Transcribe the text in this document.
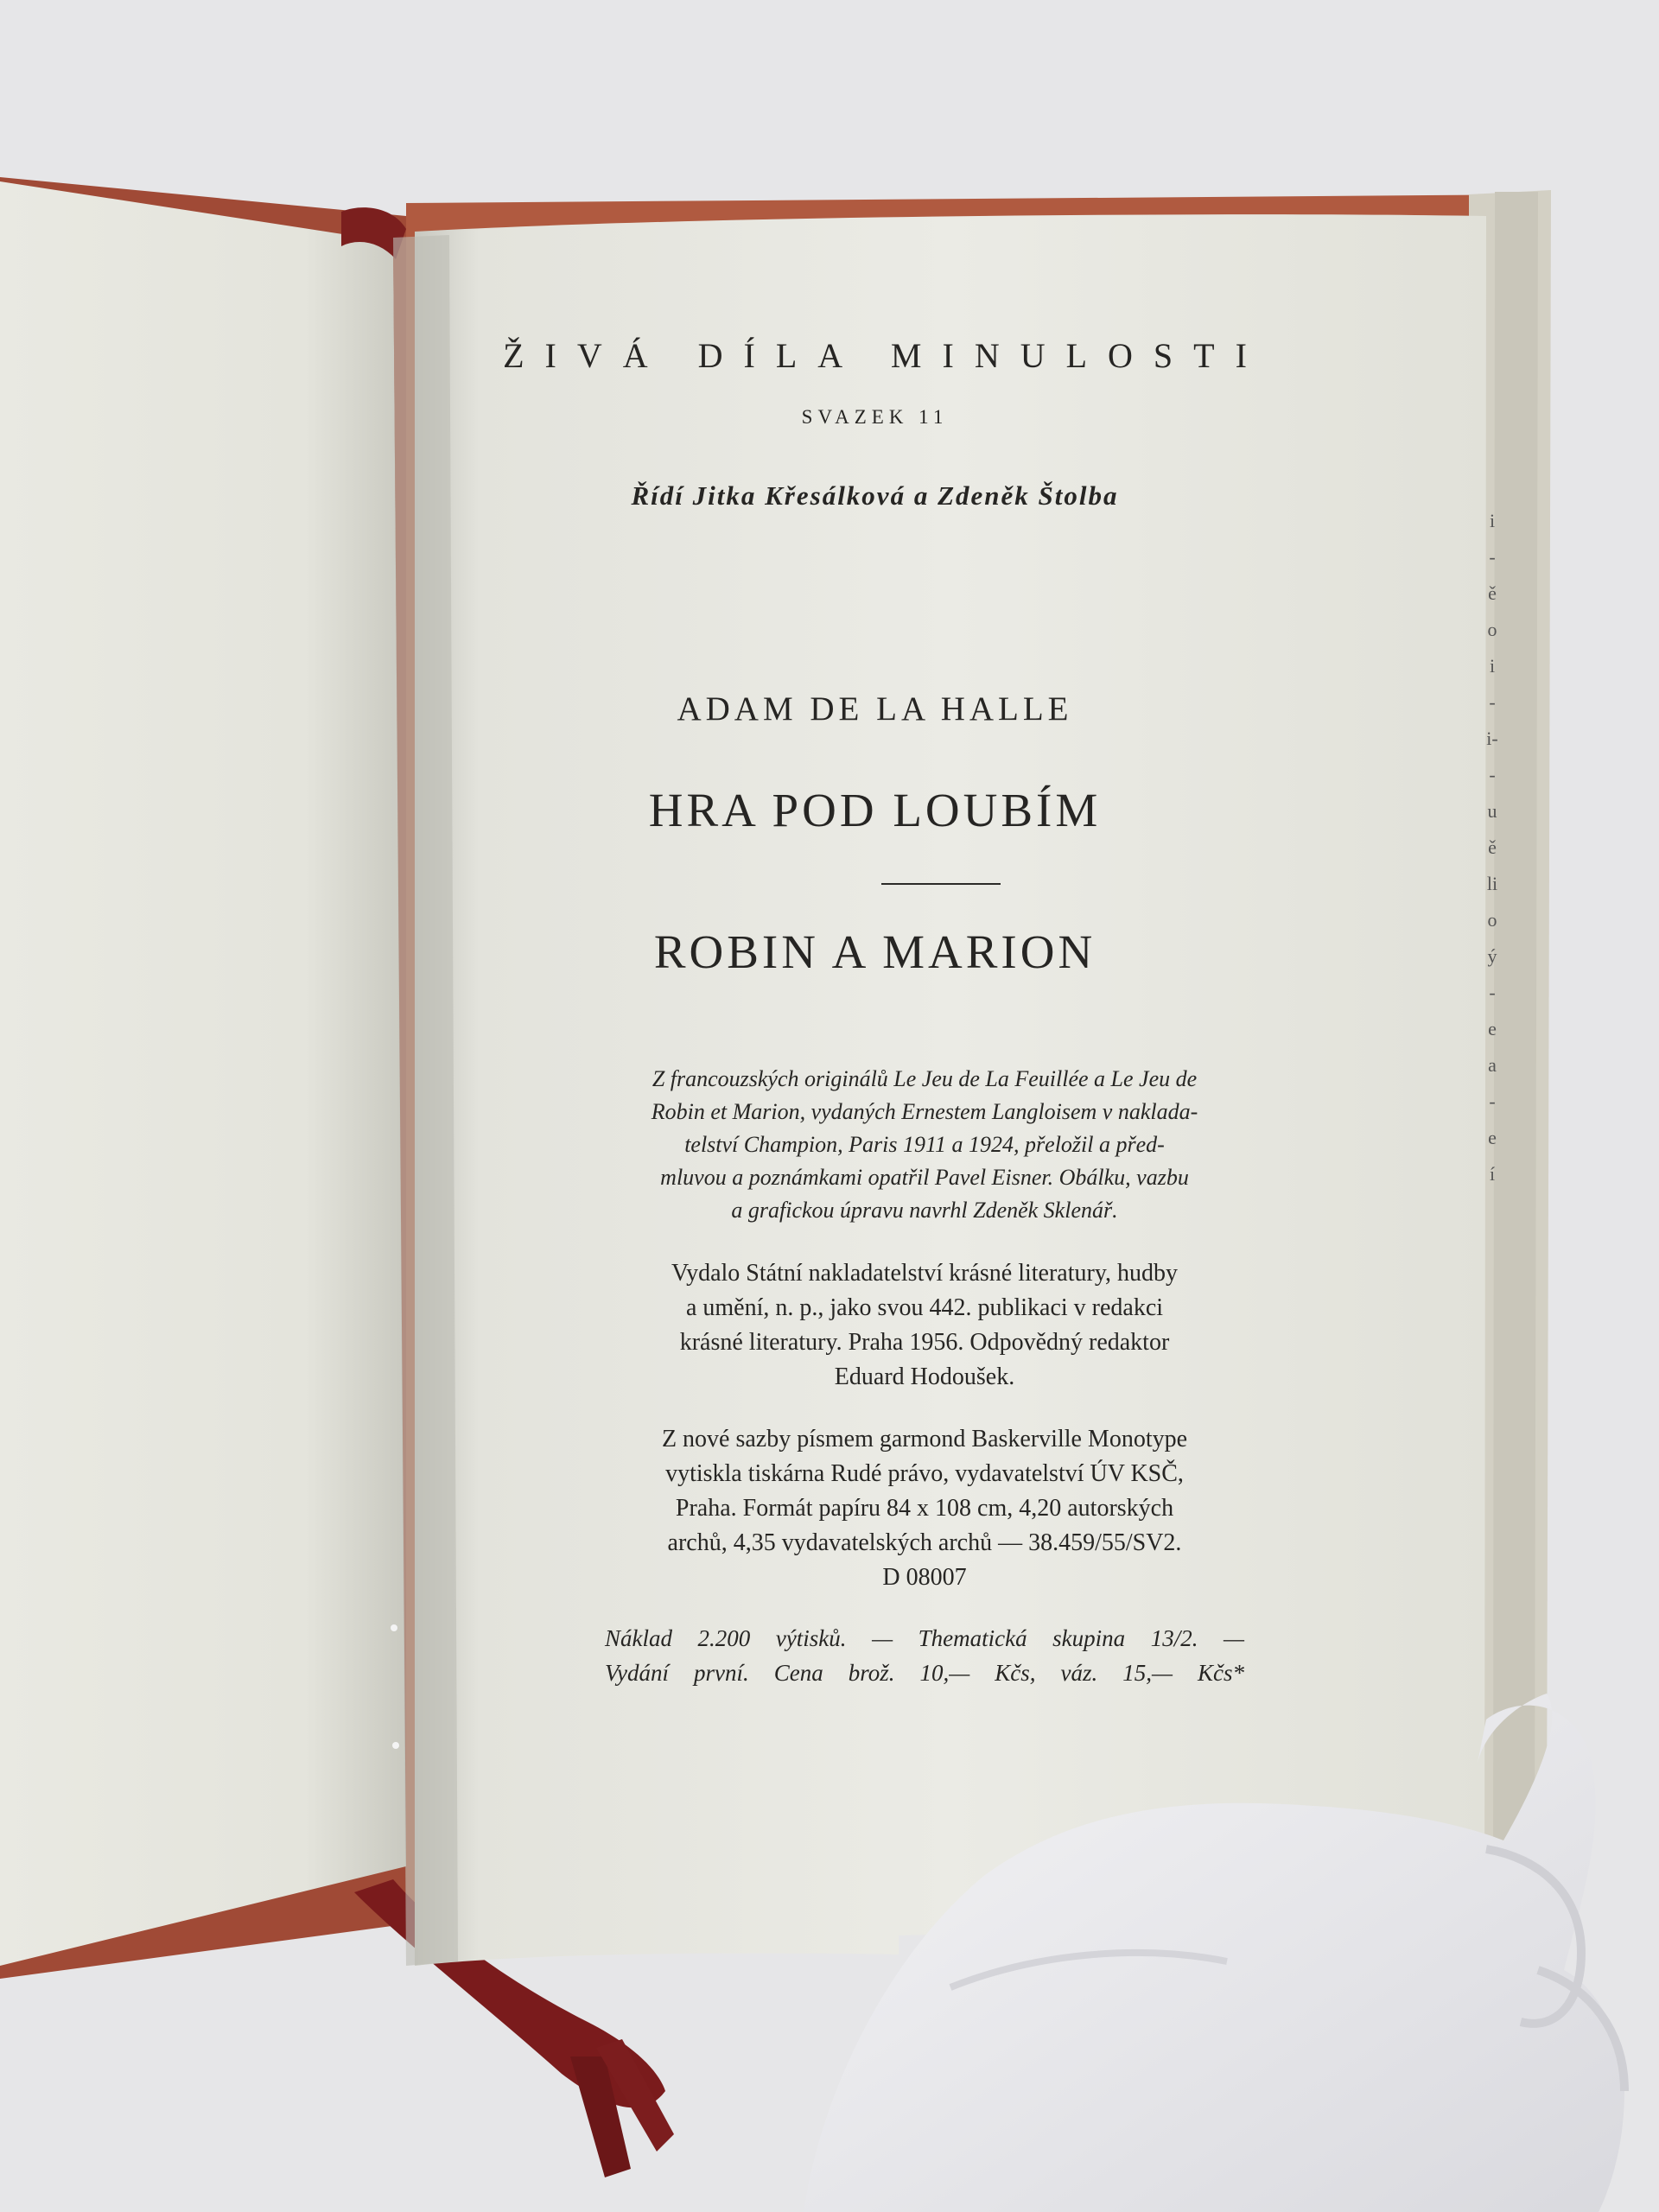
i
-
ě
o
i
-
i-
-
u
ě
li
o
ý
-
e
a
-
e
í
ŽIVÁ DÍLA MINULOSTI
SVAZEK 11
Řídí Jitka Křesálková a Zdeněk Štolba
ADAM DE LA HALLE
HRA POD LOUBÍM
ROBIN A MARION
Z francouzských originálů Le Jeu de La Feuillée a Le Jeu de
Robin et Marion, vydaných Ernestem Langloisem v naklada-
telství Champion, Paris 1911 a 1924, přeložil a před-
mluvou a poznámkami opatřil Pavel Eisner. Obálku, vazbu
a grafickou úpravu navrhl Zdeněk Sklenář.
Vydalo Státní nakladatelství krásné literatury, hudby
a umění, n. p., jako svou 442. publikaci v redakci
krásné literatury. Praha 1956. Odpovědný redaktor
Eduard Hodoušek.
Z nové sazby písmem garmond Baskerville Monotype
vytiskla tiskárna Rudé právo, vydavatelství ÚV KSČ,
Praha. Formát papíru 84 x 108 cm, 4,20 autorských
archů, 4,35 vydavatelských archů — 38.459/55/SV2.
D 08007
Náklad 2.200 výtisků. — Thematická skupina 13/2. —
Vydání první. Cena brož. 10,— Kčs, váz. 15,— Kčs*
